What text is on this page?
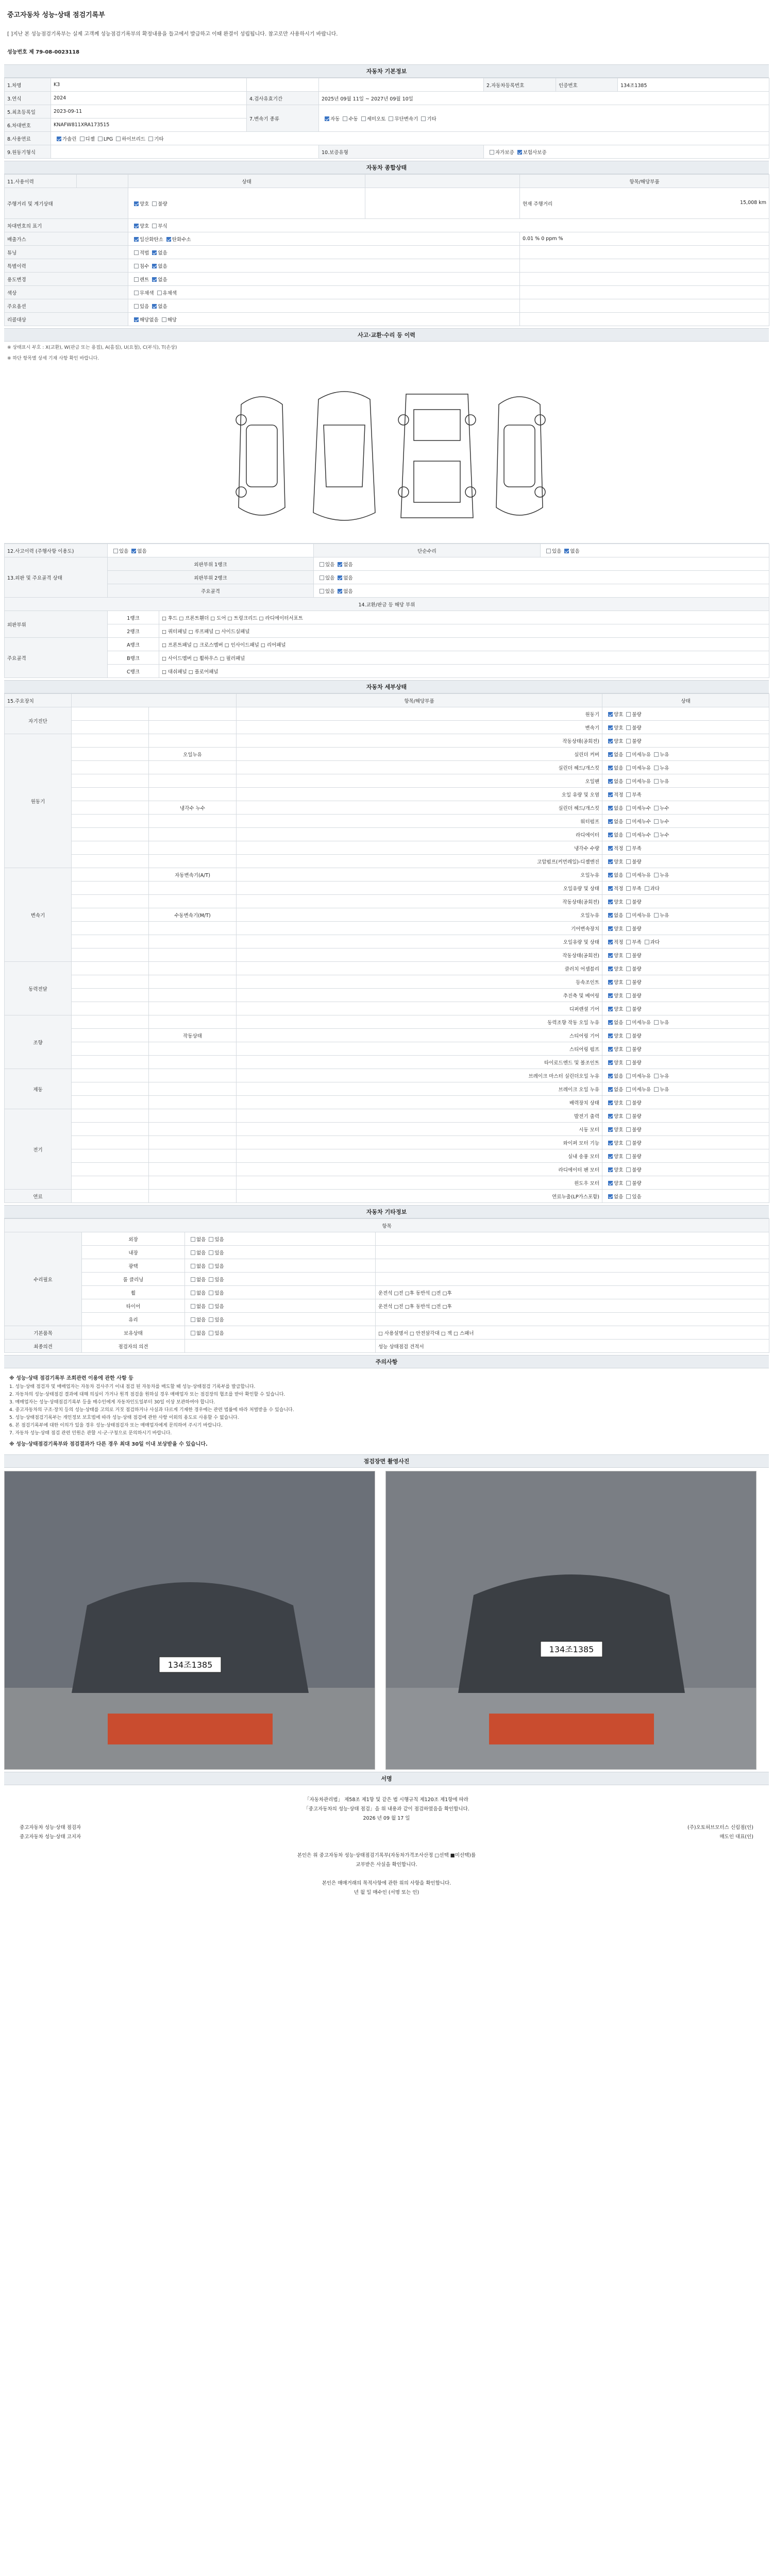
중고자동차 성능·상태 점검기록부
[ ]지난 본 성능점검기록부는 실제 고객께 성능점검기록부의 확정내용을 들고에서 발급하고 이때 완결이 성립됩니다. 참고로만 사용하시기 바랍니다.
성능번호 제 79-08-0023118
자동차 기본정보
1.차명	K3			2.자동차등록번호	인증번호	134조1385
3.연식	2024	4.검사유효기간	2025년 09월 11일 ~ 2027년 09월 10일			
5.최초등록일	2023-09-11	7.변속기 종류	자동 수동 세미오토 무단변속기 기타			
6.차대번호	KNAFW811XRA173515					
8.사용연료	가솔린 디젤 LPG 하이브리드 기타					
9.원동기형식			10.보증유형	자가보증 보험사보증		
자동차 종합상태
11.사용이력		상태		항목/해당부품
주행거리 및 계기상태		양호 불량		현재 주행거리 15,008 km

차대번호의 표기		양호 부식		
배출가스		일산화탄소 탄화수소		0.01 % 0 ppm %
튜닝		적법 없음		
특별이력		침수 없음		
용도변경		렌트 없음		
색상		무채색 유채색		
주요옵션		있음 없음		
리콜대상		해당없음 해당		
사고·교환·수리 등 이력
※ 상태표시 부호 : X(교환), W(판금 또는 용접), A(흠집), U(요철), C(부식), T(손상)
※ 하단 항목별 상세 기재 사항 확인 바랍니다.
12.사고이력 (주행사항 이용도)	있음 없음		단순수리	있음 없음
13.외판 및 주요골격 상태	외판부위 1랭크		있음 없음	
	외판부위 2랭크		있음 없음	
	주요골격		있음 없음	
14.교환/판금 등 해당 부위				
외판부위	1랭크	□ 후드 □ 프론트휀더 □ 도어 □ 트렁크리드 □ 라디에이터서포트		
	2랭크	□ 쿼터패널 □ 루프패널 □ 사이드실패널		
주요골격	A랭크	□ 프론트패널 □ 크로스멤버 □ 인사이드패널 □ 리어패널		
	B랭크	□ 사이드멤버 □ 휠하우스 □ 필러패널		
	C랭크	□ 대쉬패널 □ 플로어패널		
자동차 세부상태
15.주요장치			항목/해당부품	상태
자기진단			원동기	양호 불량
			변속기	양호 불량
원동기			작동상태(공회전)	양호 불량
		오일누유	실린더 커버	없음 미세누유 누유
			실린더 헤드/개스킷	없음 미세누유 누유
			오일팬	없음 미세누유 누유
			오일 유량 및 오염	적정 부족
		냉각수 누수	실린더 헤드/개스킷	없음 미세누수 누수
			워터펌프	없음 미세누수 누수
			라디에이터	없음 미세누수 누수
			냉각수 수량	적정 부족
			고압펌프(커먼레일)-디젤엔진	양호 불량
변속기		자동변속기(A/T)	오일누유	없음 미세누유 누유
			오일유량 및 상태	적정 부족 과다
			작동상태(공회전)	양호 불량
		수동변속기(M/T)	오일누유	없음 미세누유 누유
			기어변속장치	양호 불량
			오일유량 및 상태	적정 부족 과다
			작동상태(공회전)	양호 불량
동력전달			클러치 어셈블리	양호 불량
			등속조인트	양호 불량
			추진축 및 베어링	양호 불량
			디퍼렌셜 기어	양호 불량
조향			동력조향 작동 오일 누유	없음 미세누유 누유
		작동상태	스티어링 기어	양호 불량
			스티어링 펌프	양호 불량
			타이로드엔드 및 볼조인트	양호 불량
제동			브레이크 마스터 실린더오일 누유	없음 미세누유 누유
			브레이크 오일 누유	없음 미세누유 누유
			배력장치 상태	양호 불량
전기			발전기 출력	양호 불량
			시동 모터	양호 불량
			와이퍼 모터 기능	양호 불량
			실내 송풍 모터	양호 불량
			라디에이터 팬 모터	양호 불량
			윈도우 모터	양호 불량
연료			연료누출(LP가스포함)	없음 있음
자동차 기타정보
항목			
수리필요	외장	없음 있음	
	내장	없음 있음	
	광택	없음 있음	
	룸 클리닝	없음 있음	
	휠	없음 있음	운전석 □전 □후 동반석 □전 □후
	타이어	없음 있음	운전석 □전 □후 동반석 □전 □후
	유리	없음 있음	
기본품목	보유상태	없음 있음	□ 사용설명서 □ 안전삼각대 □ 잭 □ 스패너
최종의견	점검자의 의견		성능 상태점검 견적서
주의사항
※ 성능·상태 점검기록부 조회관련 이용에 관한 사항 등
1. 성능·상태 점검자 및 매매업자는 자동차 검사주기 이내 점검 된 자동차를 매도할 때 성능·상태점검 기록부를 발급합니다.
2. 자동차의 성능·상태점검 결과에 대해 의심이 가거나 원격 점검을 원하실 경우 매매업자 또는 점검장의 협조를 받아 확인할 수 있습니다.
3. 매매업자는 성능·상태점검기록부 등을 매수인에게 자동차인도일부터 30일 이상 보관하여야 합니다.
4. 중고자동차의 구조·장치 등의 성능·상태를 고의로 거짓 점검하거나 사실과 다르게 기재한 경우에는 관련 법률에 따라 처벌받을 수 있습니다.
5. 성능·상태점검기록부는 개인정보 보호법에 따라 성능·상태 점검에 관한 사항 이외의 용도로 사용할 수 없습니다.
6. 본 점검기록부에 대한 이의가 있을 경우 성능·상태점검자 또는 매매업자에게 문의하여 주시기 바랍니다.
7. 자동차 성능·상태 점검 관련 민원은 관할 시·군·구청으로 문의하시기 바랍니다.
※ 성능·상태점검기록부와 점검결과가 다른 경우 최대 30일 이내 보상받을 수 있습니다.
점검장면 촬영사진
134조1385
134조1385
서명
「자동차관리법」 제58조 제1항 및 같은 법 시행규칙 제120조 제1항에 따라
「중고자동차의 성능·상태 점검」을 위 내용과 같이 점검하였음을 확인합니다.
2026 년 09 월 17 일
중고자동차 성능·상태 점검자	(주)오토허브모터스 신림점(인)
중고자동차 성능·상태 고지자	매도인 대표(인)

본인은 위 중고자동차 성능·상태점검기록부(자동차가격조사산정 □선택 ■미선택)를
교부받은 사실을 확인합니다.

본인은 매매거래의 목적사항에 관한 위의 사항을 확인합니다.
년 월 일 매수인 (서명 또는 인)
